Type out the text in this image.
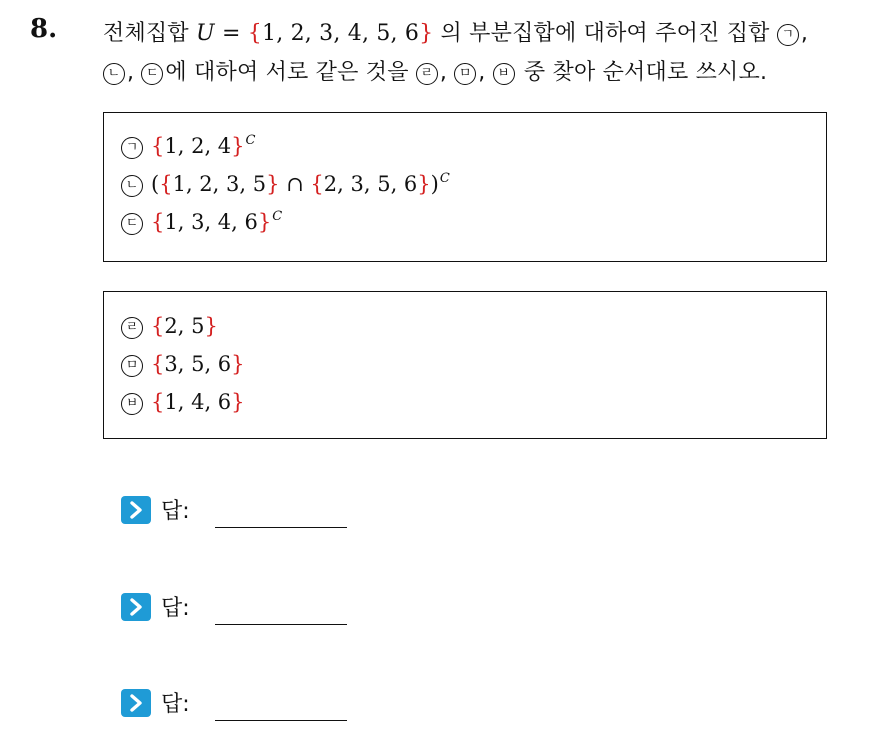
8. 전체집합 U = {1, 2, 3, 4, 5, 6} 의 부분집합에 대하여 주어진 집합 ㄱ ,
ㄴ , ㄷ 에 대하여 서로 같은 것을 ㄹ , ㅁ , ㅂ 중 찾아 순서대로 쓰시오.
ㄱ {1, 2, 4}$^C$
ㄴ ({1, 2, 3, 5} ∩ {2, 3, 5, 6})$^C$
ㄷ {1, 3, 4, 6}$^C$
ㄹ {2, 5}
ㅁ {3, 5, 6}
ㅂ {1, 4, 6}
답:
답:
답:
